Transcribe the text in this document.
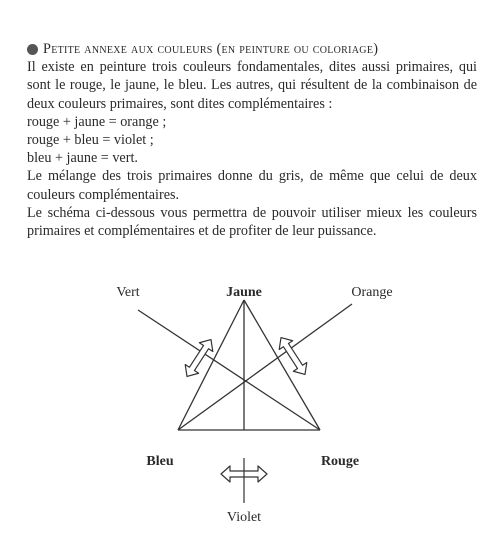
Petite annexe aux couleurs (en peinture ou coloriage)

Il existe en peinture trois couleurs fondamentales, dites aussi primaires, qui sont le rouge, le jaune, le bleu. Les autres, qui résultent de la combinaison de deux couleurs primaires, sont dites complémentaires :

rouge + jaune = orange ;
rouge + bleu = violet ;
bleu + jaune = vert.

Le mélange des trois primaires donne du gris, de même que celui de deux couleurs complémentaires.

Le schéma ci-dessous vous permettra de pouvoir utiliser mieux les couleurs primaires et complémentaires et de profiter de leur puissance.

Jaune
Bleu	Rouge
Vert	Orange
Violet
